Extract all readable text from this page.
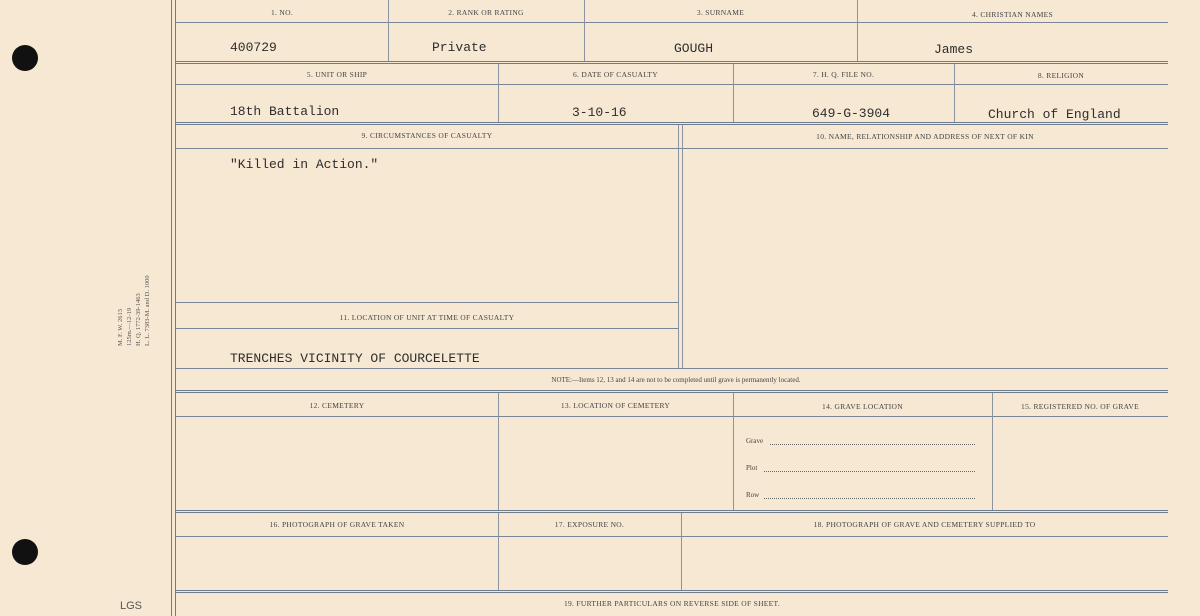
M. F. W. 2613 125m.—12-19 H. Q. 1772-39-1463 L. L. 7383-M. and D. 1000
LGS
1. NO.	2. RANK OR RATING	3. SURNAME	4. CHRISTIAN NAMES
400729	Private	GOUGH	James
5. UNIT OR SHIP	6. DATE OF CASUALTY	7. H. Q. FILE NO.	8. RELIGION
18th Battalion	3-10-16	649-G-3904	Church of England
9. CIRCUMSTANCES OF CASUALTY	10. NAME, RELATIONSHIP AND ADDRESS OF NEXT OF KIN
"Killed in Action."
11. LOCATION OF UNIT AT TIME OF CASUALTY
TRENCHES VICINITY OF COURCELETTE
NOTE:—Items 12, 13 and 14 are not to be completed until grave is permanently located.
12. CEMETERY	13. LOCATION OF CEMETERY	14. GRAVE LOCATION	15. REGISTERED NO. OF GRAVE
Grave
Plot
Row
16. PHOTOGRAPH OF GRAVE TAKEN	17. EXPOSURE NO.	18. PHOTOGRAPH OF GRAVE AND CEMETERY SUPPLIED TO
19. FURTHER PARTICULARS ON REVERSE SIDE OF SHEET.
